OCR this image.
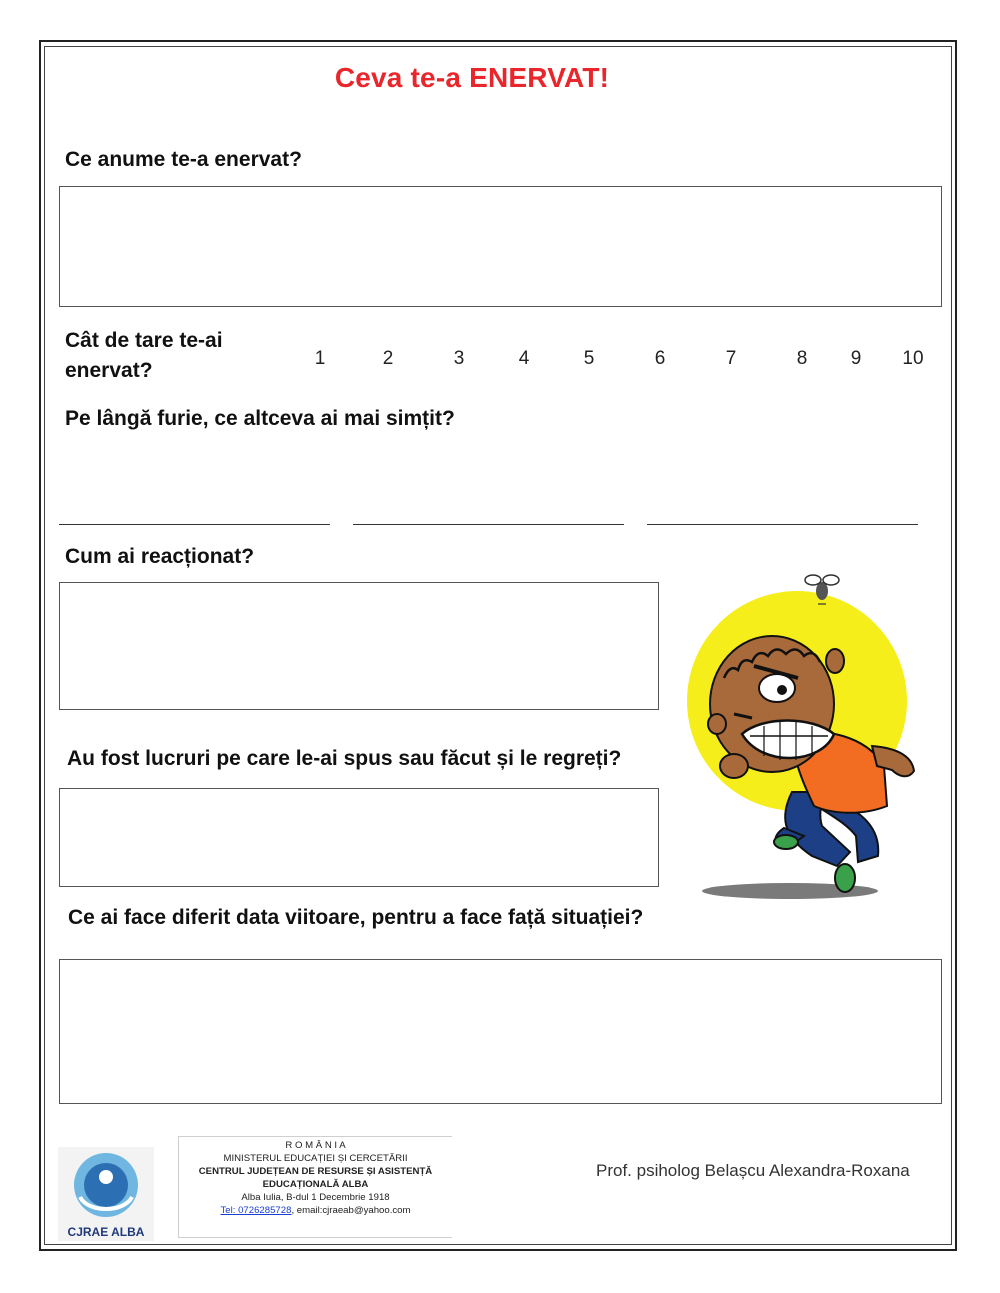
Ceva te-a ENERVAT!
Ce anume te-a enervat?
Cât de tare te-ai
enervat?
1	2	3	4	5	6	7	8	9	10
Pe lângă furie, ce altceva ai mai simțit?
Cum ai reacționat?
Au fost lucruri pe care le-ai spus sau făcut și le regreți?
Ce ai face diferit data viitoare, pentru a face față situației?
CJRAE ALBA
R O M Â N I A
MINISTERUL EDUCAȚIEI ȘI CERCETĂRII
CENTRUL JUDEȚEAN DE RESURSE ȘI ASISTENȚĂ
EDUCAȚIONALĂ ALBA
Alba Iulia, B-dul 1 Decembrie 1918
Tel: 0726285728, email:cjraeab@yahoo.com
Prof. psiholog Belașcu Alexandra-Roxana
